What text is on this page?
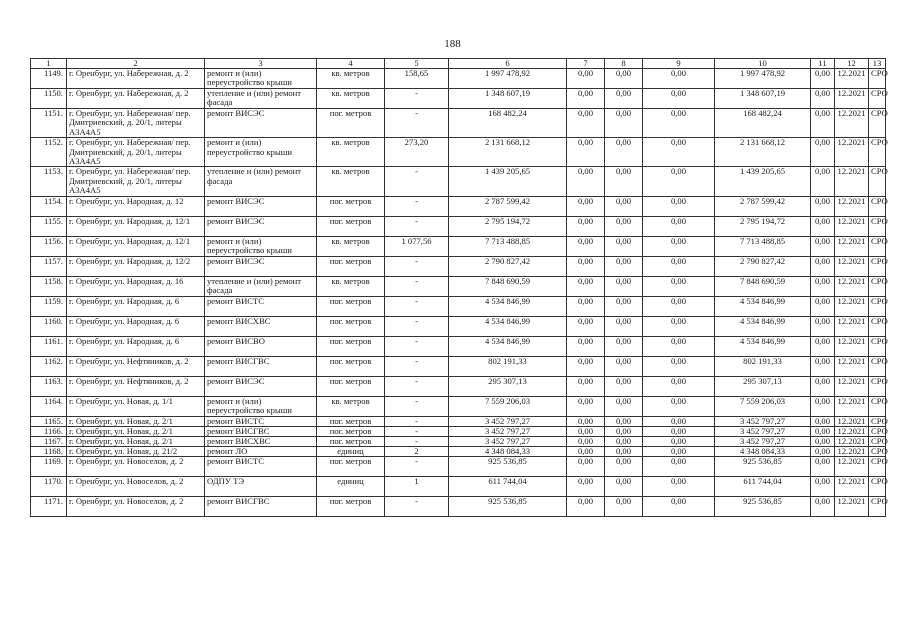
188
1	2	3	4	5	6	7	8	9	10	11	12	13
1149.	г. Оренбург, ул. Набережная, д. 2	ремонт и (или) переустройство крыши	кв. метров	158,65	1 997 478,92	0,00	0,00	0,00	1 997 478,92	0,00	12.2021	СРО
1150.	г. Оренбург, ул. Набережная, д. 2	утепление и (или) ремонт фасада	кв. метров	-	1 348 607,19	0,00	0,00	0,00	1 348 607,19	0,00	12.2021	СРО
1151.	г. Оренбург, ул. Набережная/ пер. Дмитриевский, д. 20/1, литеры А3А4А5	ремонт ВИСЭС	пог. метров	-	168 482,24	0,00	0,00	0,00	168 482,24	0,00	12.2021	СРО
1152.	г. Оренбург, ул. Набережная/ пер. Дмитриевский, д. 20/1, литеры А3А4А5	ремонт и (или) переустройство крыши	кв. метров	273,20	2 131 668,12	0,00	0,00	0,00	2 131 668,12	0,00	12.2021	СРО
1153.	г. Оренбург, ул. Набережная/ пер. Дмитриевский, д. 20/1, литеры А3А4А5	утепление и (или) ремонт фасада	кв. метров	-	1 439 205,65	0,00	0,00	0,00	1 439 205,65	0,00	12.2021	СРО
1154.	г. Оренбург, ул. Народная, д. 12	ремонт ВИСЭС	пог. метров	-	2 787 599,42	0,00	0,00	0,00	2 787 599,42	0,00	12.2021	СРО
1155.	г. Оренбург, ул. Народная, д. 12/1	ремонт ВИСЭС	пог. метров	-	2 795 194,72	0,00	0,00	0,00	2 795 194,72	0,00	12.2021	СРО
1156.	г. Оренбург, ул. Народная, д. 12/1	ремонт и (или) переустройство крыши	кв. метров	1 077,56	7 713 488,85	0,00	0,00	0,00	7 713 488,85	0,00	12.2021	СРО
1157.	г. Оренбург, ул. Народная, д. 12/2	ремонт ВИСЭС	пог. метров	-	2 790 827,42	0,00	0,00	0,00	2 790 827,42	0,00	12.2021	СРО
1158.	г. Оренбург, ул. Народная, д. 16	утепление и (или) ремонт фасада	кв. метров	-	7 848 690,59	0,00	0,00	0,00	7 848 690,59	0,00	12.2021	СРО
1159.	г. Оренбург, ул. Народная, д. 6	ремонт ВИСТС	пог. метров	-	4 534 846,99	0,00	0,00	0,00	4 534 846,99	0,00	12.2021	СРО
1160.	г. Оренбург, ул. Народная, д. 6	ремонт ВИСХВС	пог. метров	-	4 534 846,99	0,00	0,00	0,00	4 534 846,99	0,00	12.2021	СРО
1161.	г. Оренбург, ул. Народная, д. 6	ремонт ВИСВО	пог. метров	-	4 534 846,99	0,00	0,00	0,00	4 534 846,99	0,00	12.2021	СРО
1162.	г. Оренбург, ул. Нефтяников, д. 2	ремонт ВИСГВС	пог. метров	-	802 191,33	0,00	0,00	0,00	802 191,33	0,00	12.2021	СРО
1163.	г. Оренбург, ул. Нефтяников, д. 2	ремонт ВИСЭС	пог. метров	-	295 307,13	0,00	0,00	0,00	295 307,13	0,00	12.2021	СРО
1164.	г. Оренбург, ул. Новая, д. 1/1	ремонт и (или) переустройство крыши	кв. метров	-	7 559 206,03	0,00	0,00	0,00	7 559 206,03	0,00	12.2021	СРО
1165.	г. Оренбург, ул. Новая, д. 2/1	ремонт ВИСТС	пог. метров	-	3 452 797,27	0,00	0,00	0,00	3 452 797,27	0,00	12.2021	СРО
1166.	г. Оренбург, ул. Новая, д. 2/1	ремонт ВИСГВС	пог. метров	-	3 452 797,27	0,00	0,00	0,00	3 452 797,27	0,00	12.2021	СРО
1167.	г. Оренбург, ул. Новая, д. 2/1	ремонт ВИСХВС	пог. метров	-	3 452 797,27	0,00	0,00	0,00	3 452 797,27	0,00	12.2021	СРО
1168.	г. Оренбург, ул. Новая, д. 21/2	ремонт ЛО	единиц	2	4 348 084,33	0,00	0,00	0,00	4 348 084,33	0,00	12.2021	СРО
1169.	г. Оренбург, ул. Новоселов, д. 2	ремонт ВИСТС	пог. метров	-	925 536,85	0,00	0,00	0,00	925 536,85	0,00	12.2021	СРО
1170.	г. Оренбург, ул. Новоселов, д. 2	ОДПУ ТЭ	единиц	1	611 744,04	0,00	0,00	0,00	611 744,04	0,00	12.2021	СРО
1171.	г. Оренбург, ул. Новоселов, д. 2	ремонт ВИСГВС	пог. метров	-	925 536,85	0,00	0,00	0,00	925 536,85	0,00	12.2021	СРО
